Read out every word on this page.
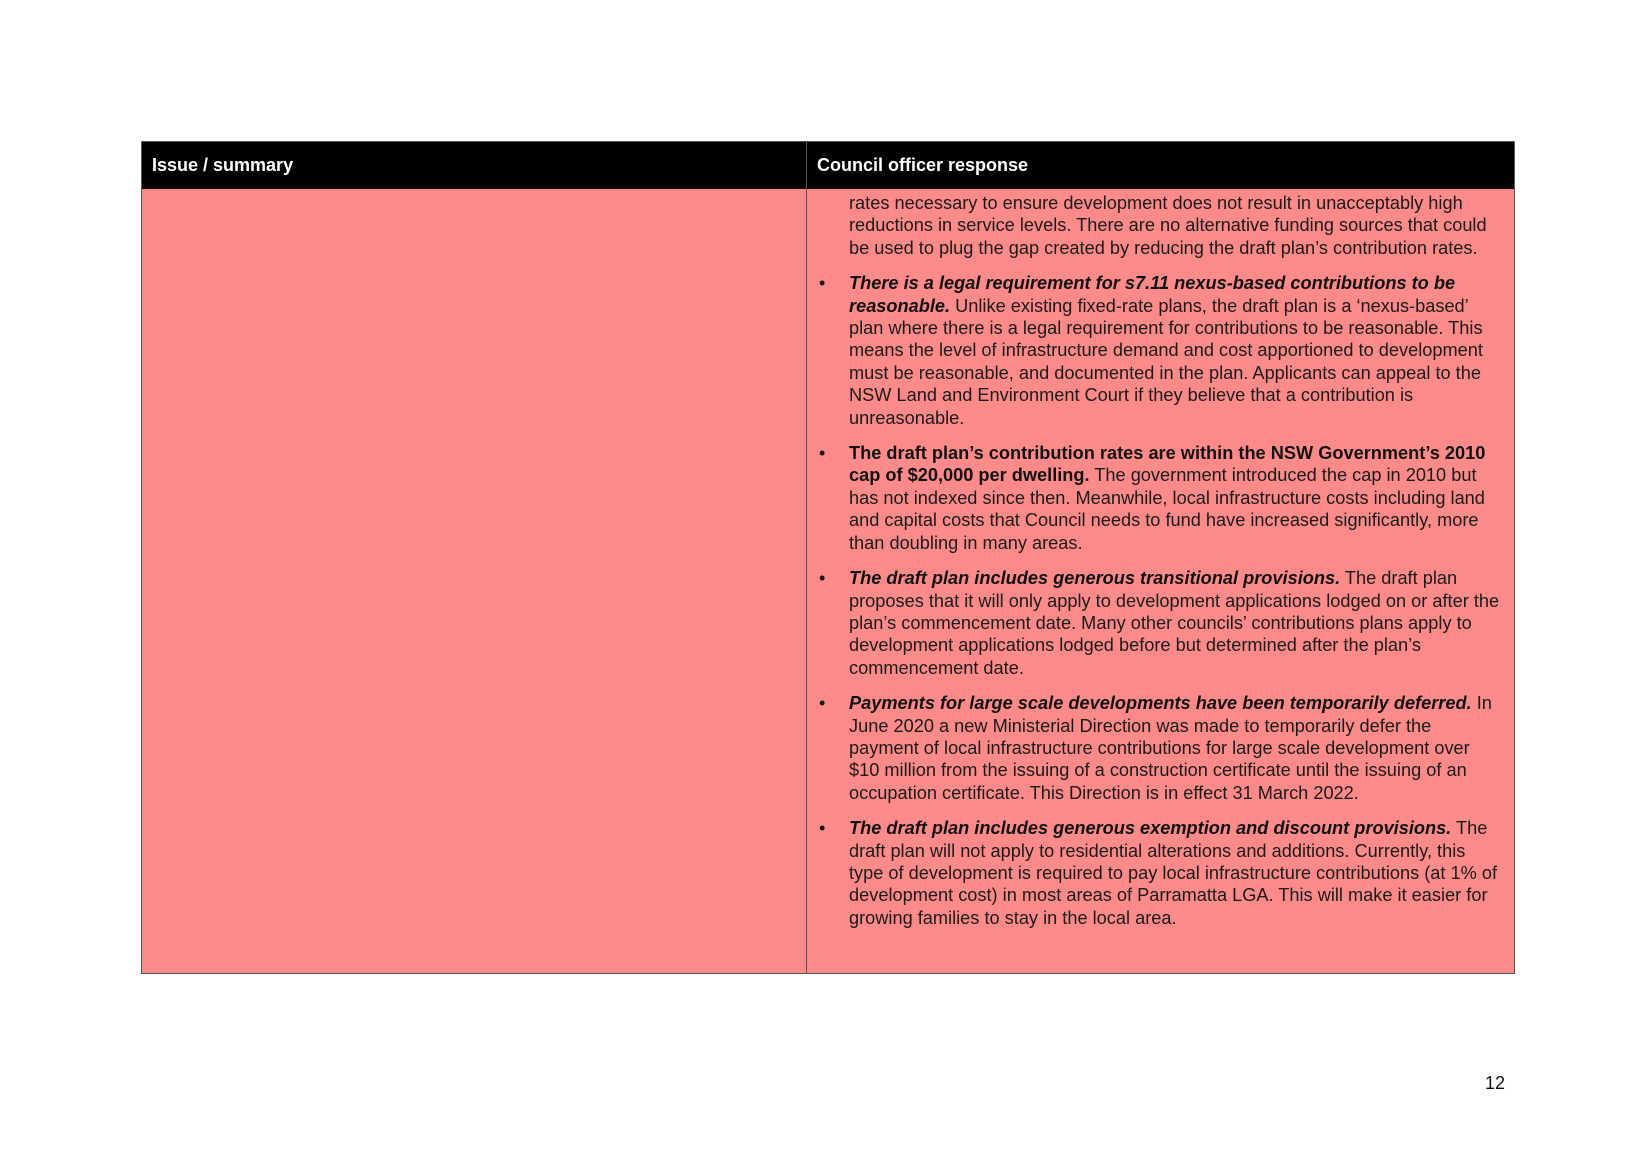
Issue / summary	Council officer response

rates necessary to ensure development does not result in unacceptably high reductions in service levels. There are no alternative funding sources that could be used to plug the gap created by reducing the draft plan’s contribution rates.

• There is a legal requirement for s7.11 nexus-based contributions to be reasonable. Unlike existing fixed-rate plans, the draft plan is a ‘nexus-based’ plan where there is a legal requirement for contributions to be reasonable. This means the level of infrastructure demand and cost apportioned to development must be reasonable, and documented in the plan. Applicants can appeal to the NSW Land and Environment Court if they believe that a contribution is unreasonable.
• The draft plan’s contribution rates are within the NSW Government’s 2010 cap of $20,000 per dwelling. The government introduced the cap in 2010 but has not indexed since then. Meanwhile, local infrastructure costs including land and capital costs that Council needs to fund have increased significantly, more than doubling in many areas.
• The draft plan includes generous transitional provisions. The draft plan proposes that it will only apply to development applications lodged on or after the plan’s commencement date. Many other councils’ contributions plans apply to development applications lodged before but determined after the plan’s commencement date.
• Payments for large scale developments have been temporarily deferred. In June 2020 a new Ministerial Direction was made to temporarily defer the payment of local infrastructure contributions for large scale development over $10 million from the issuing of a construction certificate until the issuing of an occupation certificate. This Direction is in effect 31 March 2022.
• The draft plan includes generous exemption and discount provisions. The draft plan will not apply to residential alterations and additions. Currently, this type of development is required to pay local infrastructure contributions (at 1% of development cost) in most areas of Parramatta LGA. This will make it easier for growing families to stay in the local area.
12
